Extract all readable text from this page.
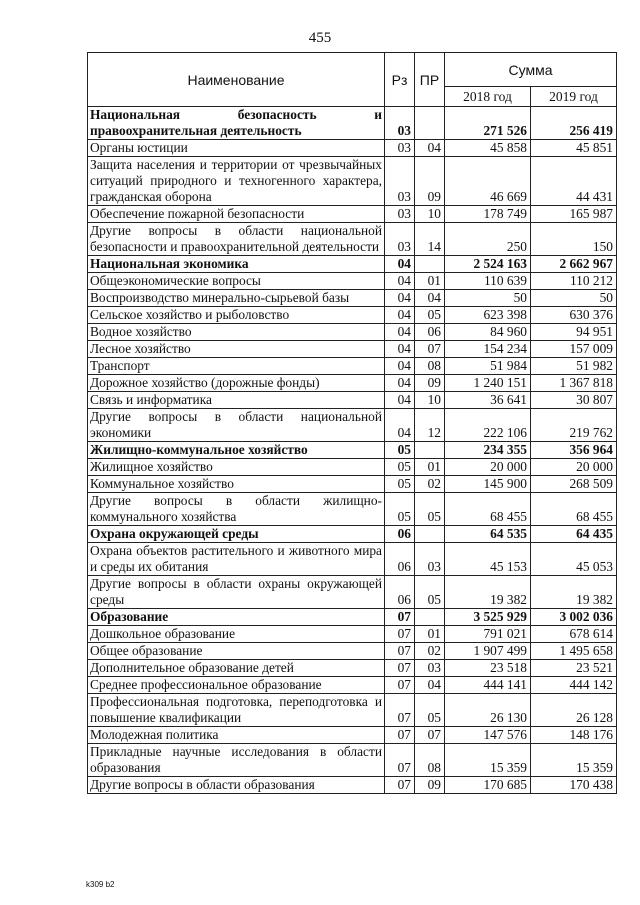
455
Наименование	Рз	ПР	Сумма	
			2018 год	2019 год
Национальная безопасность и правоохранительная деятельность	03		271 526	256 419
Органы юстиции	03	04	45 858	45 851
Защита населения и территории от чрезвычайных ситуаций природного и техногенного характера, гражданская оборона	03	09	46 669	44 431
Обеспечение пожарной безопасности	03	10	178 749	165 987
Другие вопросы в области национальной безопасности и правоохранительной деятельности	03	14	250	150
Национальная экономика	04		2 524 163	2 662 967
Общеэкономические вопросы	04	01	110 639	110 212
Воспроизводство минерально-сырьевой базы	04	04	50	50
Сельское хозяйство и рыболовство	04	05	623 398	630 376
Водное хозяйство	04	06	84 960	94 951
Лесное хозяйство	04	07	154 234	157 009
Транспорт	04	08	51 984	51 982
Дорожное хозяйство (дорожные фонды)	04	09	1 240 151	1 367 818
Связь и информатика	04	10	36 641	30 807
Другие вопросы в области национальной экономики	04	12	222 106	219 762
Жилищно-коммунальное хозяйство	05		234 355	356 964
Жилищное хозяйство	05	01	20 000	20 000
Коммунальное хозяйство	05	02	145 900	268 509
Другие вопросы в области жилищно-коммунального хозяйства	05	05	68 455	68 455
Охрана окружающей среды	06		64 535	64 435
Охрана объектов растительного и животного мира и среды их обитания	06	03	45 153	45 053
Другие вопросы в области охраны окружающей среды	06	05	19 382	19 382
Образование	07		3 525 929	3 002 036
Дошкольное образование	07	01	791 021	678 614
Общее образование	07	02	1 907 499	1 495 658
Дополнительное образование детей	07	03	23 518	23 521
Среднее профессиональное образование	07	04	444 141	444 142
Профессиональная подготовка, переподготовка и повышение квалификации	07	05	26 130	26 128
Молодежная политика	07	07	147 576	148 176
Прикладные научные исследования в области образования	07	08	15 359	15 359
Другие вопросы в области образования	07	09	170 685	170 438
k309 b2
